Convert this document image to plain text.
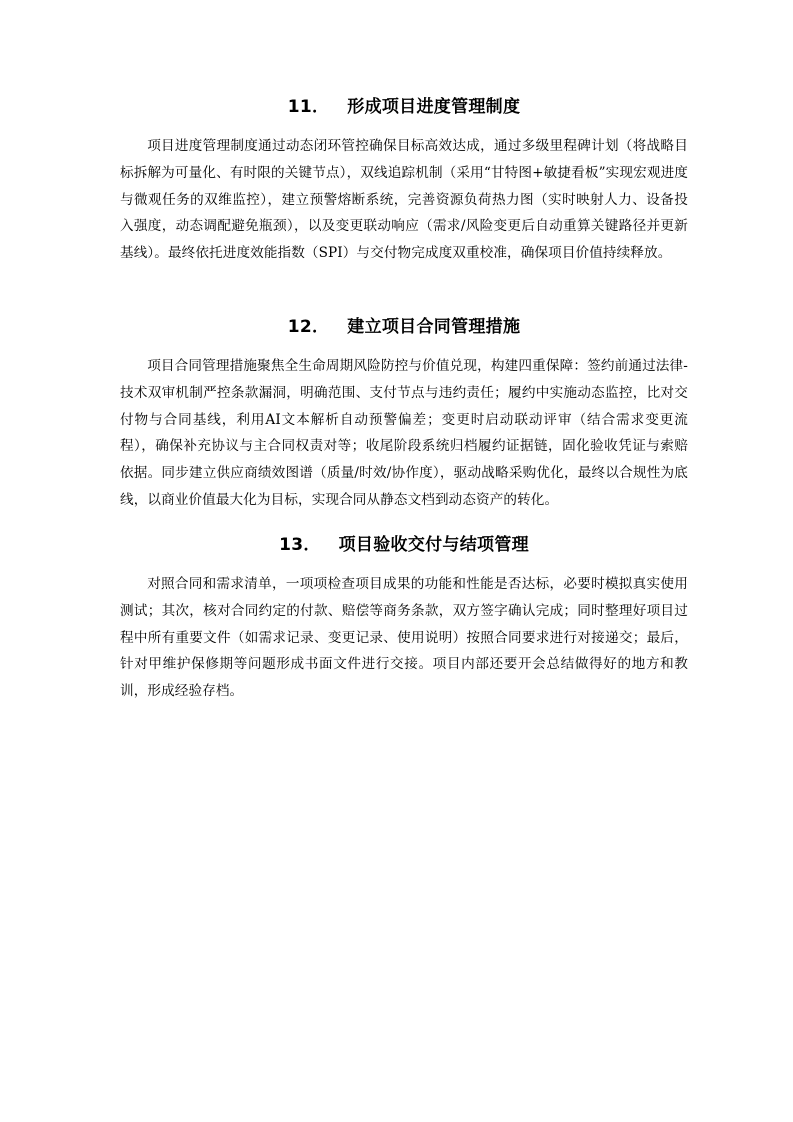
11． 形成项目进度管理制度

项目进度管理制度通过动态闭环管控确保目标高效达成，通过多级里程碑计划（将战略目标拆解为可量化、有时限的关键节点），双线追踪机制（采用“甘特图+敏捷看板”实现宏观进度与微观任务的双维监控），建立预警熔断系统，完善资源负荷热力图（实时映射人力、设备投入强度，动态调配避免瓶颈），以及变更联动响应（需求/风险变更后自动重算关键路径并更新基线）。最终依托进度效能指数（SPI）与交付物完成度双重校准，确保项目价值持续释放。

12． 建立项目合同管理措施

项目合同管理措施聚焦全生命周期风险防控与价值兑现，构建四重保障：签约前通过法律-技术双审机制严控条款漏洞，明确范围、支付节点与违约责任；履约中实施动态监控，比对交付物与合同基线，利用AI文本解析自动预警偏差；变更时启动联动评审（结合需求变更流程），确保补充协议与主合同权责对等；收尾阶段系统归档履约证据链，固化验收凭证与索赔依据。同步建立供应商绩效图谱（质量/时效/协作度），驱动战略采购优化，最终以合规性为底线，以商业价值最大化为目标，实现合同从静态文档到动态资产的转化。

13． 项目验收交付与结项管理

对照合同和需求清单，一项项检查项目成果的功能和性能是否达标，必要时模拟真实使用测试；其次，核对合同约定的付款、赔偿等商务条款，双方签字确认完成；同时整理好项目过程中所有重要文件（如需求记录、变更记录、使用说明）按照合同要求进行对接递交；最后，针对甲维护保修期等问题形成书面文件进行交接。项目内部还要开会总结做得好的地方和教训，形成经验存档。
